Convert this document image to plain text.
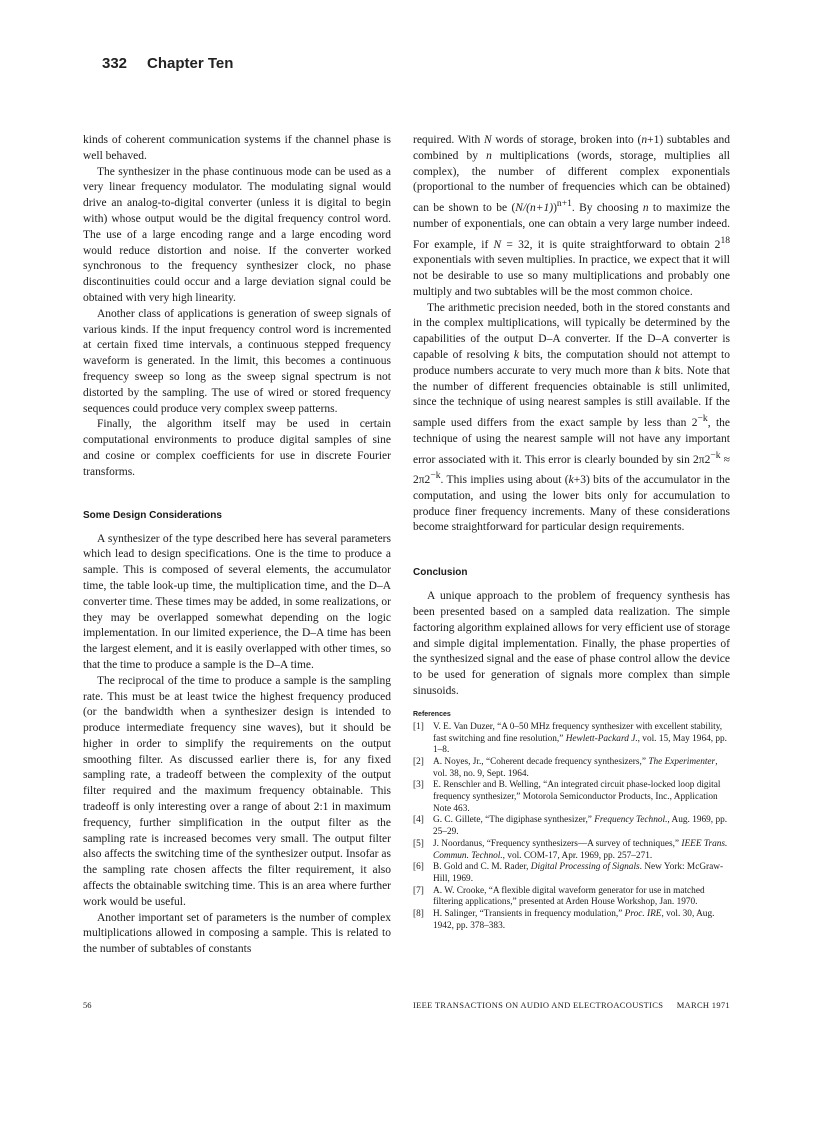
332 Chapter Ten

kinds of coherent communication systems if the channel phase is well behaved.

The synthesizer in the phase continuous mode can be used as a very linear frequency modulator. The modulating signal would drive an analog-to-digital converter (unless it is digital to begin with) whose output would be the digital frequency control word. The use of a large encoding range and a large encoding word would reduce distortion and noise. If the converter worked synchronous to the frequency synthesizer clock, no phase discontinuities could occur and a large deviation signal could be obtained with very high linearity.

Another class of applications is generation of sweep signals of various kinds. If the input frequency control word is incremented at certain fixed time intervals, a continuous stepped frequency waveform is generated. In the limit, this becomes a continuous frequency sweep so long as the sweep signal spectrum is not distorted by the sampling. The use of wired or stored frequency sequences could produce very complex sweep patterns.

Finally, the algorithm itself may be used in certain computational environments to produce digital samples of sine and cosine or complex coefficients for use in discrete Fourier transforms.

Some Design Considerations

A synthesizer of the type described here has several parameters which lead to design specifications. One is the time to produce a sample. This is composed of several elements, the accumulator time, the table look-up time, the multiplication time, and the D–A converter time. These times may be added, in some realizations, or they may be overlapped somewhat depending on the logic implementation. In our limited experience, the D–A time has been the largest element, and it is easily overlapped with other times, so that the time to produce a sample is the D–A time.

The reciprocal of the time to produce a sample is the sampling rate. This must be at least twice the highest frequency produced (or the bandwidth when a synthesizer design is intended to produce intermediate frequency sine waves), but it should be higher in order to simplify the requirements on the output smoothing filter. As discussed earlier there is, for any fixed sampling rate, a tradeoff between the complexity of the output filter required and the maximum frequency obtainable. This tradeoff is only interesting over a range of about 2:1 in maximum frequency, further simplification in the output filter as the sampling rate is increased becomes very small. The output filter also affects the switching time of the synthesizer output. Insofar as the sampling rate chosen affects the filter requirement, it also affects the obtainable switching time. This is an area where further work would be useful.

Another important set of parameters is the number of complex multiplications allowed in composing a sample. This is related to the number of subtables of constants

required. With N words of storage, broken into (n+1) subtables and combined by n multiplications (words, storage, multiplies all complex), the number of different complex exponentials (proportional to the number of frequencies which can be obtained) can be shown to be $(N/(n+1))^{n+1}$. By choosing n to maximize the number of exponentials, one can obtain a very large number indeed. For example, if N = 32, it is quite straightforward to obtain $2^{18}$ exponentials with seven multiplies. In practice, we expect that it will not be desirable to use so many multiplications and probably one multiply and two subtables will be the most common choice.

The arithmetic precision needed, both in the stored constants and in the complex multiplications, will typically be determined by the capabilities of the output D–A converter. If the D–A converter is capable of resolving k bits, the computation should not attempt to produce numbers accurate to very much more than k bits. Note that the number of different frequencies obtainable is still unlimited, since the technique of using nearest samples is still available. If the sample used differs from the exact sample by less than $2^{-k}$, the technique of using the nearest sample will not have any important error associated with it. This error is clearly bounded by $\sin 2\pi 2^{-k} \approx 2\pi 2^{-k}$. This implies using about (k+3) bits of the accumulator in the computation, and using the lower bits only for accumulation to produce finer frequency increments. Many of these considerations become straightforward for particular design requirements.

Conclusion

A unique approach to the problem of frequency synthesis has been presented based on a sampled data realization. The simple factoring algorithm explained allows for very efficient use of storage and simple digital implementation. Finally, the phase properties of the synthesized signal and the ease of phase control allow the device to be used for generation of signals more complex than simple sinusoids.

References
[1] V. E. Van Duzer, “A 0–50 MHz frequency synthesizer with excellent stability, fast switching and fine resolution,” Hewlett-Packard J., vol. 15, May 1964, pp. 1–8.
[2] A. Noyes, Jr., “Coherent decade frequency synthesizers,” The Experimenter, vol. 38, no. 9, Sept. 1964.
[3] E. Renschler and B. Welling, “An integrated circuit phase-locked loop digital frequency synthesizer,” Motorola Semiconductor Products, Inc., Application Note 463.
[4] G. C. Gillete, “The digiphase synthesizer,” Frequency Technol., Aug. 1969, pp. 25–29.
[5] J. Noordanus, “Frequency synthesizers—A survey of techniques,” IEEE Trans. Commun. Technol., vol. COM-17, Apr. 1969, pp. 257–271.
[6] B. Gold and C. M. Rader, Digital Processing of Signals. New York: McGraw-Hill, 1969.
[7] A. W. Crooke, “A flexible digital waveform generator for use in matched filtering applications,” presented at Arden House Workshop, Jan. 1970.
[8] H. Salinger, “Transients in frequency modulation,” Proc. IRE, vol. 30, Aug. 1942, pp. 378–383.
56	IEEE TRANSACTIONS ON AUDIO AND ELECTROACOUSTICS MARCH 1971
